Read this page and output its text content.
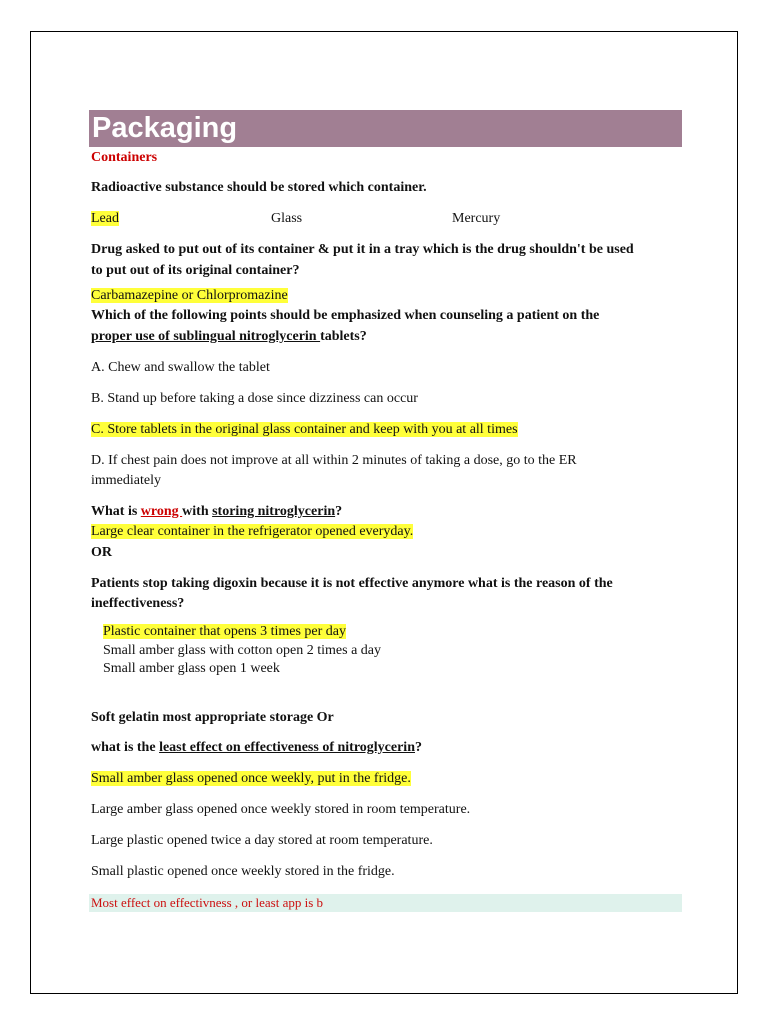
Packaging
Containers
Radioactive substance should be stored which container.
Lead	Glass	Mercury
Drug asked to put out of its container & put it in a tray which is the drug shouldn't be used
to put out of its original container?
Carbamazepine or Chlorpromazine
Which of the following points should be emphasized when counseling a patient on the
proper use of sublingual nitroglycerin tablets?
A. Chew and swallow the tablet
B. Stand up before taking a dose since dizziness can occur
C. Store tablets in the original glass container and keep with you at all times
D. If chest pain does not improve at all within 2 minutes of taking a dose, go to the ER
immediately
What is wrong with storing nitroglycerin?
Large clear container in the refrigerator opened everyday.
OR
Patients stop taking digoxin because it is not effective anymore what is the reason of the
ineffectiveness?
Plastic container that opens 3 times per day
Small amber glass with cotton open 2 times a day
Small amber glass open 1 week
Soft gelatin most appropriate storage Or
what is the least effect on effectiveness of nitroglycerin?
Small amber glass opened once weekly, put in the fridge.
Large amber glass opened once weekly stored in room temperature.
Large plastic opened twice a day stored at room temperature.
Small plastic opened once weekly stored in the fridge.
Most effect on effectivness , or least app is b
